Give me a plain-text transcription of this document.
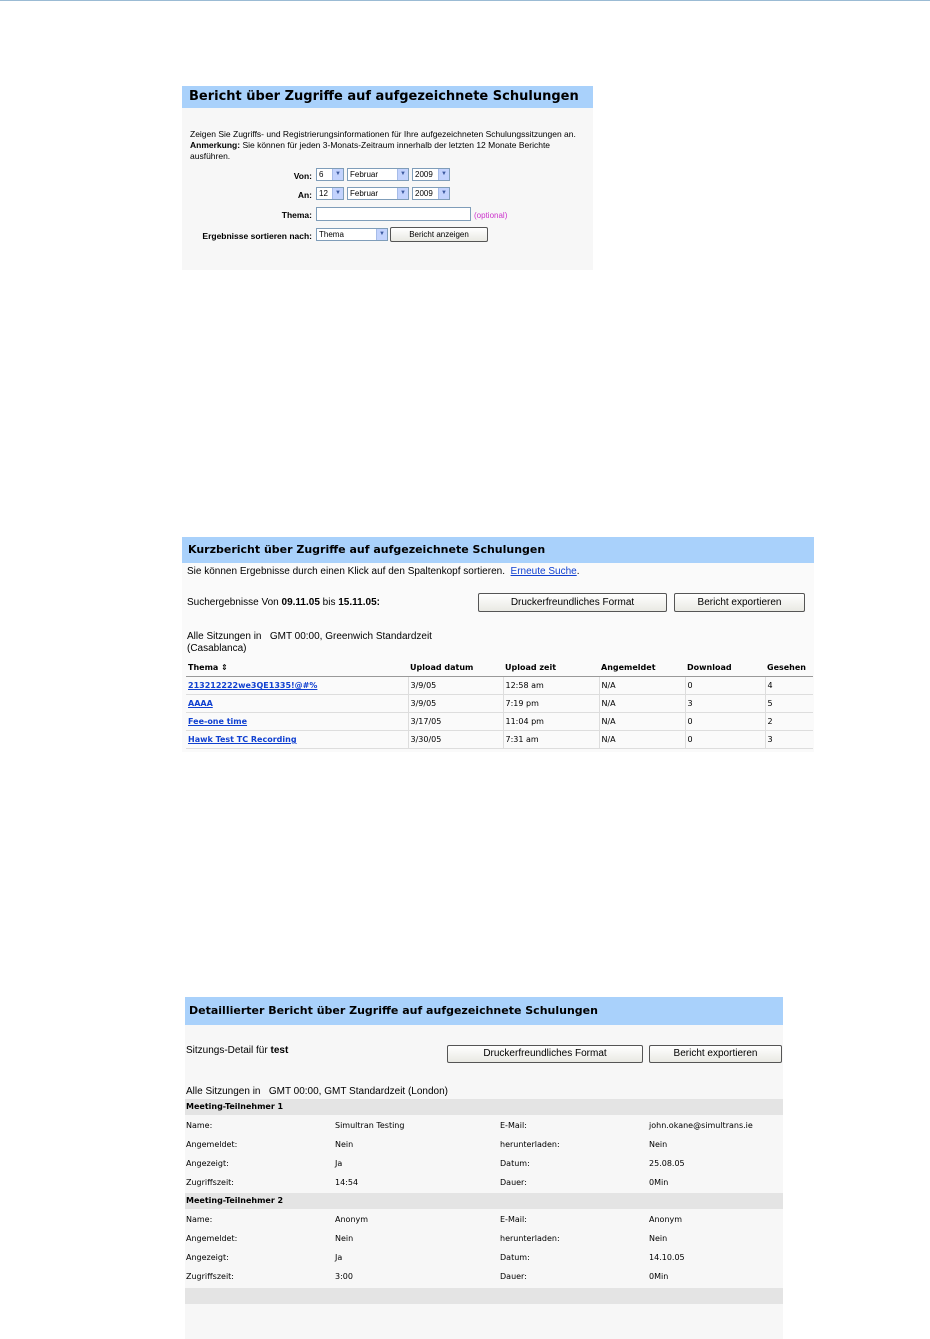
Bericht über Zugriffe auf aufgezeichnete Schulungen
Zeigen Sie Zugriffs- und Registrierungsinformationen für Ihre aufgezeichneten Schulungssitzungen an.
Anmerkung: Sie können für jeden 3-Monats-Zeitraum innerhalb der letzten 12 Monate Berichte ausführen.
Von: 6	▼	Februar	▼	2009	▼
An: 12	▼	Februar	▼	2009	▼
Thema:	(optional)
Ergebnisse sortieren nach: Thema	▼	Bericht anzeigen
Kurzbericht über Zugriffe auf aufgezeichnete Schulungen
Sie können Ergebnisse durch einen Klick auf den Spaltenkopf sortieren. Erneute Suche.
Suchergebnisse Von 09.11.05 bis 15.11.05:	Druckerfreundliches Format	Bericht exportieren
Alle Sitzungen in GMT 00:00, Greenwich Standardzeit
(Casablanca)
Thema ⇕	Upload datum	Upload zeit	Angemeldet	Download	Gesehen
213212222we3QE1335!@#%	3/9/05	12:58 am	N/A	0	4
AAAA	3/9/05	7:19 pm	N/A	3	5
Fee-one time	3/17/05	11:04 pm	N/A	0	2
Hawk Test TC Recording	3/30/05	7:31 am	N/A	0	3
Detaillierter Bericht über Zugriffe auf aufgezeichnete Schulungen
Sitzungs-Detail für test	Druckerfreundliches Format	Bericht exportieren
Alle Sitzungen in GMT 00:00, GMT Standardzeit (London)
Meeting-Teilnehmer 1
Name:	Simultran Testing	E-Mail:	john.okane@simultrans.ie
Angemeldet:	Nein	herunterladen:	Nein
Angezeigt:	Ja	Datum:	25.08.05
Zugriffszeit:	14:54	Dauer:	0Min
Meeting-Teilnehmer 2
Name:	Anonym	E-Mail:	Anonym
Angemeldet:	Nein	herunterladen:	Nein
Angezeigt:	Ja	Datum:	14.10.05
Zugriffszeit:	3:00	Dauer:	0Min
